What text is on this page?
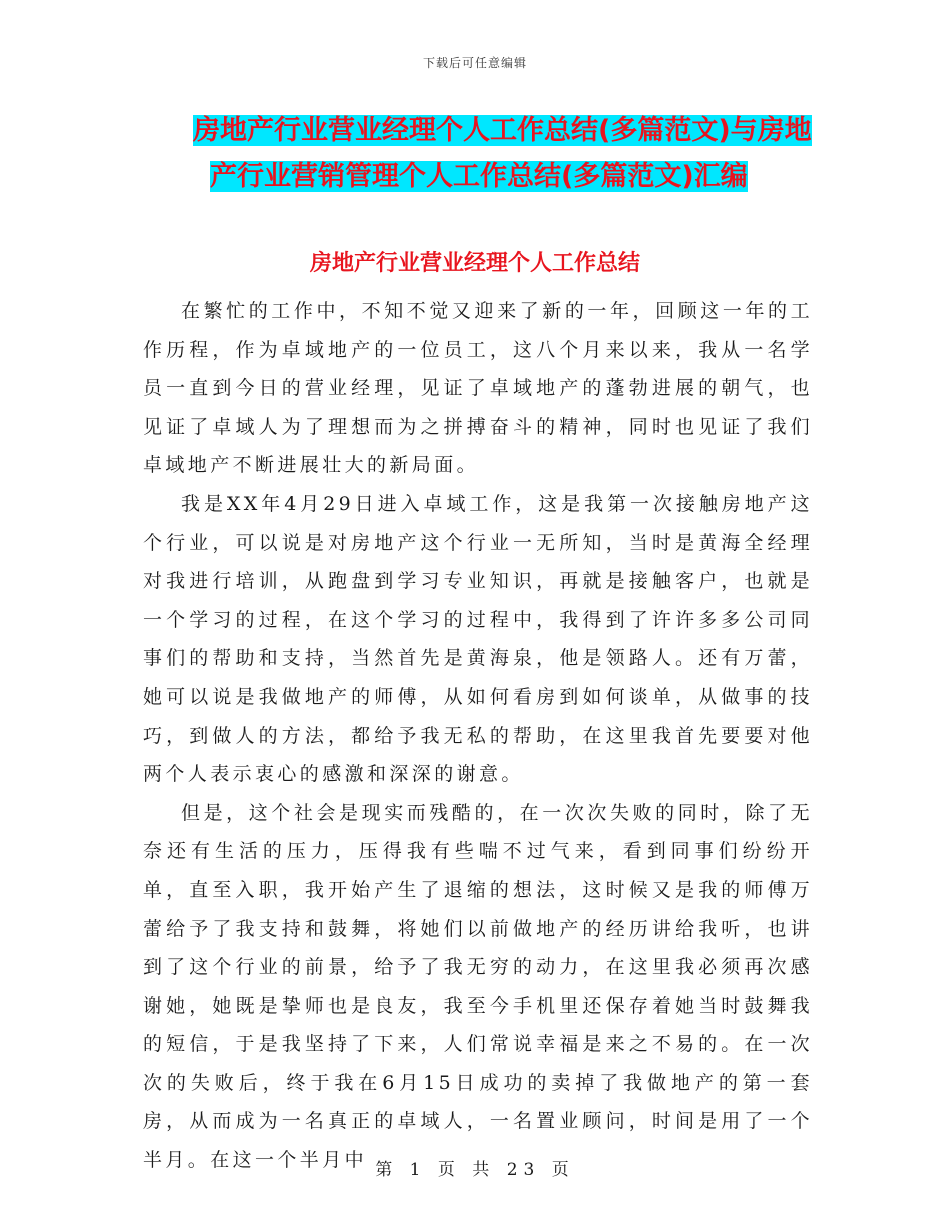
下载后可任意编辑
房地产行业营业经理个人工作总结(多篇范文)与房地
产行业营销管理个人工作总结(多篇范文)汇编
房地产行业营业经理个人工作总结

在繁忙的工作中，不知不觉又迎来了新的一年，回顾这一年的工作历程，作为卓域地产的一位员工，这八个月来以来，我从一名学员一直到今日的营业经理，见证了卓域地产的蓬勃进展的朝气，也见证了卓域人为了理想而为之拼搏奋斗的精神，同时也见证了我们卓域地产不断进展壮大的新局面。

我是XX年4月29日进入卓域工作，这是我第一次接触房地产这个行业，可以说是对房地产这个行业一无所知，当时是黄海全经理对我进行培训，从跑盘到学习专业知识，再就是接触客户，也就是一个学习的过程，在这个学习的过程中，我得到了许许多多公司同事们的帮助和支持，当然首先是黄海泉，他是领路人。还有万蕾，她可以说是我做地产的师傅，从如何看房到如何谈单，从做事的技巧，到做人的方法，都给予我无私的帮助，在这里我首先要要对他两个人表示衷心的感激和深深的谢意。

但是，这个社会是现实而残酷的，在一次次失败的同时，除了无奈还有生活的压力，压得我有些喘不过气来，看到同事们纷纷开单，直至入职，我开始产生了退缩的想法，这时候又是我的师傅万蕾给予了我支持和鼓舞，将她们以前做地产的经历讲给我听，也讲到了这个行业的前景，给予了我无穷的动力，在这里我必须再次感谢她，她既是挚师也是良友，我至今手机里还保存着她当时鼓舞我的短信，于是我坚持了下来，人们常说幸福是来之不易的。在一次次的失败后，终于我在6月15日成功的卖掉了我做地产的第一套房，从而成为一名真正的卓域人，一名置业顾问，时间是用了一个半月。在这一个半月中 第 1 页 共 23 页
